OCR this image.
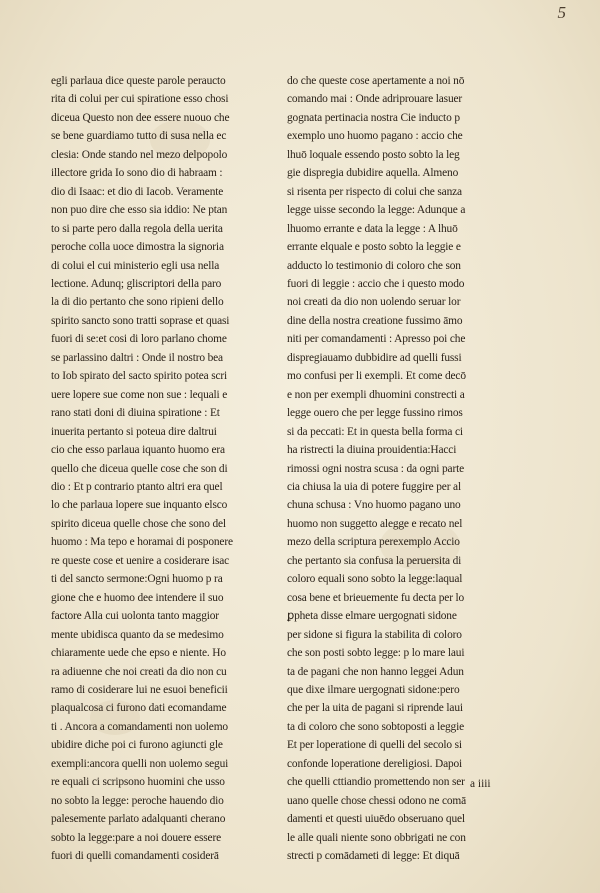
5
egli parlaua dice queste parole peraucto
rita di colui per cui spiratione esso chosi
diceua Questo non dee essere nuouo che
se bene guardiamo tutto di susa nella ec
clesia: Onde stando nel mezo delpopolo
illectore grida Io sono dio di habraam :
dio di Isaac: et dio di Iacob. Veramente
non puo dire che esso sia iddio: Ne ptan
to si parte pero dalla regola della uerita
peroche colla uoce dimostra la signoria
di colui el cui ministerio egli usa nella
lectione. Adunq; gliscriptori della paro
la di dio pertanto che sono ripieni dello
spirito sancto sono tratti soprase et quasi
fuori di se:et cosi di loro parlano chome
se parlassino daltri : Onde il nostro bea
to Iob spirato del sacto spirito potea scri
uere lopere sue come non sue : lequali e
rano stati doni di diuina spiratione : Et
inuerita pertanto si poteua dire daltrui
cio che esso parlaua iquanto huomo era
quello che diceua quelle cose che son di
dio : Et p contrario ptanto altri era quel
lo che parlaua lopere sue inquanto elsco
spirito diceua quelle chose che sono del
huomo : Ma tepo e horamai di posponere
re queste cose et uenire a cosiderare isac
ti del sancto sermone:Ogni huomo p ra
gione che e huomo dee intendere il suo
factore Alla cui uolonta tanto maggior
mente ubidisca quanto da se medesimo
chiaramente uede che epso e niente. Ho
ra adiuenne che noi creati da dio non cu
ramo di cosiderare lui ne esuoi beneficii
plaqualcosa ci furono dati ecomandame
ti . Ancora a comandamenti non uolemo
ubidire diche poi ci furono agiuncti gle
exempli:ancora quelli non uolemo segui
re equali ci scripsono huomini che usso
no sobto la legge: peroche hauendo dio
palesemente parlato adalquanti cherano
sobto la legge:pare a noi douere essere
fuori di quelli comandamenti cosiderā
do che queste cose apertamente a noi nō
comando mai : Onde adriprouare lasuer
gognata pertinacia nostra Cie inducto p
exemplo uno huomo pagano : accio che
lhuō loquale essendo posto sobto la leg
gie dispregia dubidire aquella. Almeno
si risenta per rispecto di colui che sanza
legge uisse secondo la legge: Adunque a
lhuomo errante e data la legge : A lhuō
errante elquale e posto sobto la leggie e
adducto lo testimonio di coloro che son
fuori di leggie : accio che i questo modo
noi creati da dio non uolendo seruar lor
dine della nostra creatione fussimo āmo
niti per comandamenti : Apresso poi che
dispregiauamo dubbidire ad quelli fussi
mo confusi per li exempli. Et come decō
e non per exempli dhuomini constrecti a
legge ouero che per legge fussino rimos
si da peccati: Et in questa bella forma ci
ha ristrecti la diuina prouidentia:Hacci
rimossi ogni nostra scusa : da ogni parte
cia chiusa la uia di potere fuggire per al
chuna schusa : Vno huomo pagano uno
huomo non suggetto alegge e recato nel
mezo della scriptura perexemplo Accio
che pertanto sia confusa la peruersita di
coloro equali sono sobto la legge:laqual
cosa bene et brieuemente fu decta per lo
ꝑpheta disse elmare uergognati sidone
per sidone si figura la stabilita di coloro
che son posti sobto legge: p lo mare laui
ta de pagani che non hanno leggei Adun
que dixe ilmare uergognati sidone:pero
che per la uita de pagani si riprende laui
ta di coloro che sono sobtoposti a leggie
Et per loperatione di quelli del secolo si
confonde loperatione dereligiosi. Dapoi
che quelli cttiandio promettendo non ser
uano quelle chose chessi odono ne comā
damenti et questi uiuēdo obseruano quel
le alle quali niente sono obbrigati ne con
strecti p comādameti di legge: Et diquā
a iiii
